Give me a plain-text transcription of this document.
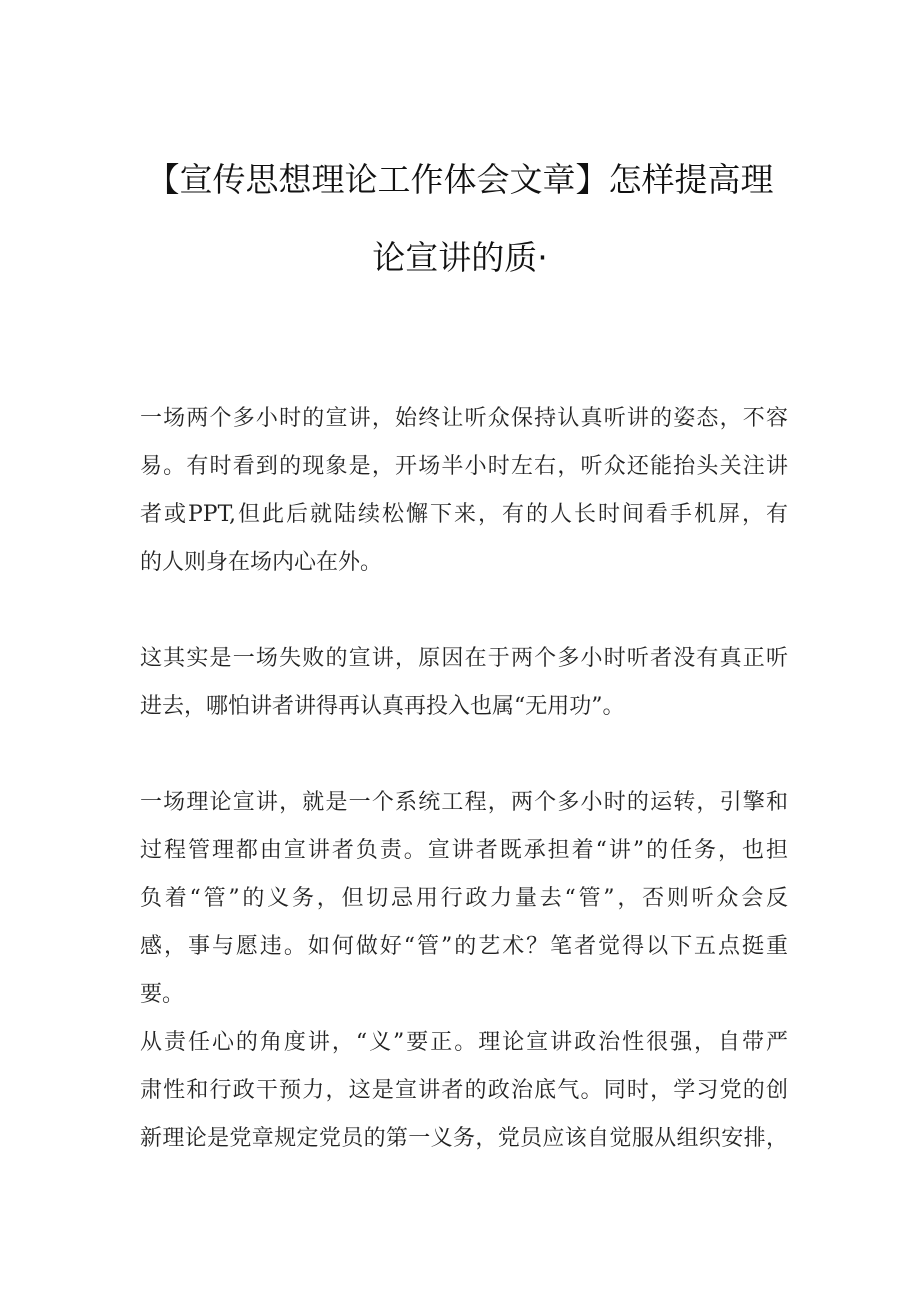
【宣传思想理论工作体会文章】怎样提高理
论宣讲的质·
一场两个多小时的宣讲，始终让听众保持认真听讲的姿态，不容
易。有时看到的现象是，开场半小时左右，听众还能抬头关注讲
者或PPT,但此后就陆续松懈下来，有的人长时间看手机屏，有
的人则身在场内心在外。
这其实是一场失败的宣讲，原因在于两个多小时听者没有真正听
进去，哪怕讲者讲得再认真再投入也属“无用功”。
一场理论宣讲，就是一个系统工程，两个多小时的运转，引擎和
过程管理都由宣讲者负责。宣讲者既承担着“讲”的任务，也担
负着“管”的义务，但切忌用行政力量去“管”，否则听众会反
感，事与愿违。如何做好“管”的艺术？笔者觉得以下五点挺重
要。
从责任心的角度讲，“义”要正。理论宣讲政治性很强，自带严
肃性和行政干预力，这是宣讲者的政治底气。同时，学习党的创
新理论是党章规定党员的第一义务，党员应该自觉服从组织安排，
